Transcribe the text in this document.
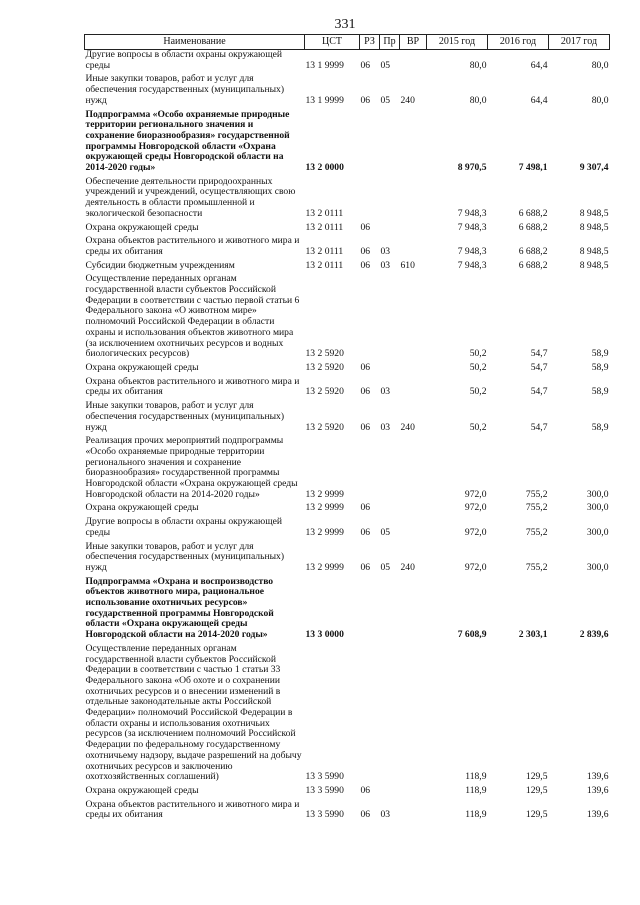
331
Наименование	ЦСТ	РЗ	Пр	ВР	2015 год	2016 год	2017 год
Другие вопросы в области охраны окружающей среды	13 1 9999	06	05		80,0	64,4	80,0
Иные закупки товаров, работ и услуг для обеспечения государственных (муниципальных) нужд	13 1 9999	06	05	240	80,0	64,4	80,0
Подпрограмма «Особо охраняемые природные территории регионального значения и сохранение биоразнообразия» государственной программы Новгородской области «Охрана окружающей среды Новгородской области на 2014-2020 годы»	13 2 0000				8 970,5	7 498,1	9 307,4
Обеспечение деятельности природоохранных учреждений и учреждений, осуществляющих свою деятельность в области промышленной и экологической безопасности	13 2 0111				7 948,3	6 688,2	8 948,5
Охрана окружающей среды	13 2 0111	06			7 948,3	6 688,2	8 948,5
Охрана объектов растительного и животного мира и среды их обитания	13 2 0111	06	03		7 948,3	6 688,2	8 948,5
Субсидии бюджетным учреждениям	13 2 0111	06	03	610	7 948,3	6 688,2	8 948,5
Осуществление переданных органам государственной власти субъектов Российской Федерации в соответствии с частью первой статьи 6 Федерального закона «О животном мире» полномочий Российской Федерации в области охраны и использования объектов животного мира (за исключением охотничьих ресурсов и водных биологических ресурсов)	13 2 5920				50,2	54,7	58,9
Охрана окружающей среды	13 2 5920	06			50,2	54,7	58,9
Охрана объектов растительного и животного мира и среды их обитания	13 2 5920	06	03		50,2	54,7	58,9
Иные закупки товаров, работ и услуг для обеспечения государственных (муниципальных) нужд	13 2 5920	06	03	240	50,2	54,7	58,9
Реализация прочих мероприятий подпрограммы «Особо охраняемые природные территории регионального значения и сохранение биоразнообразия» государственной программы Новгородской области «Охрана окружающей среды Новгородской области на 2014-2020 годы»	13 2 9999				972,0	755,2	300,0
Охрана окружающей среды	13 2 9999	06			972,0	755,2	300,0
Другие вопросы в области охраны окружающей среды	13 2 9999	06	05		972,0	755,2	300,0
Иные закупки товаров, работ и услуг для обеспечения государственных (муниципальных) нужд	13 2 9999	06	05	240	972,0	755,2	300,0
Подпрограмма «Охрана и воспроизводство объектов животного мира, рациональное использование охотничьих ресурсов» государственной программы Новгородской области «Охрана окружающей среды Новгородской области на 2014-2020 годы»	13 3 0000				7 608,9	2 303,1	2 839,6
Осуществление переданных органам государственной власти субъектов Российской Федерации в соответствии с частью 1 статьи 33 Федерального закона «Об охоте и о сохранении охотничьих ресурсов и о внесении изменений в отдельные законодательные акты Российской Федерации» полномочий Российской Федерации в области охраны и использования охотничьих ресурсов (за исключением полномочий Российской Федерации по федеральному государственному охотничьему надзору, выдаче разрешений на добычу охотничьих ресурсов и заключению охотхозяйственных соглашений)	13 3 5990				118,9	129,5	139,6
Охрана окружающей среды	13 3 5990	06			118,9	129,5	139,6
Охрана объектов растительного и животного мира и среды их обитания	13 3 5990	06	03		118,9	129,5	139,6
